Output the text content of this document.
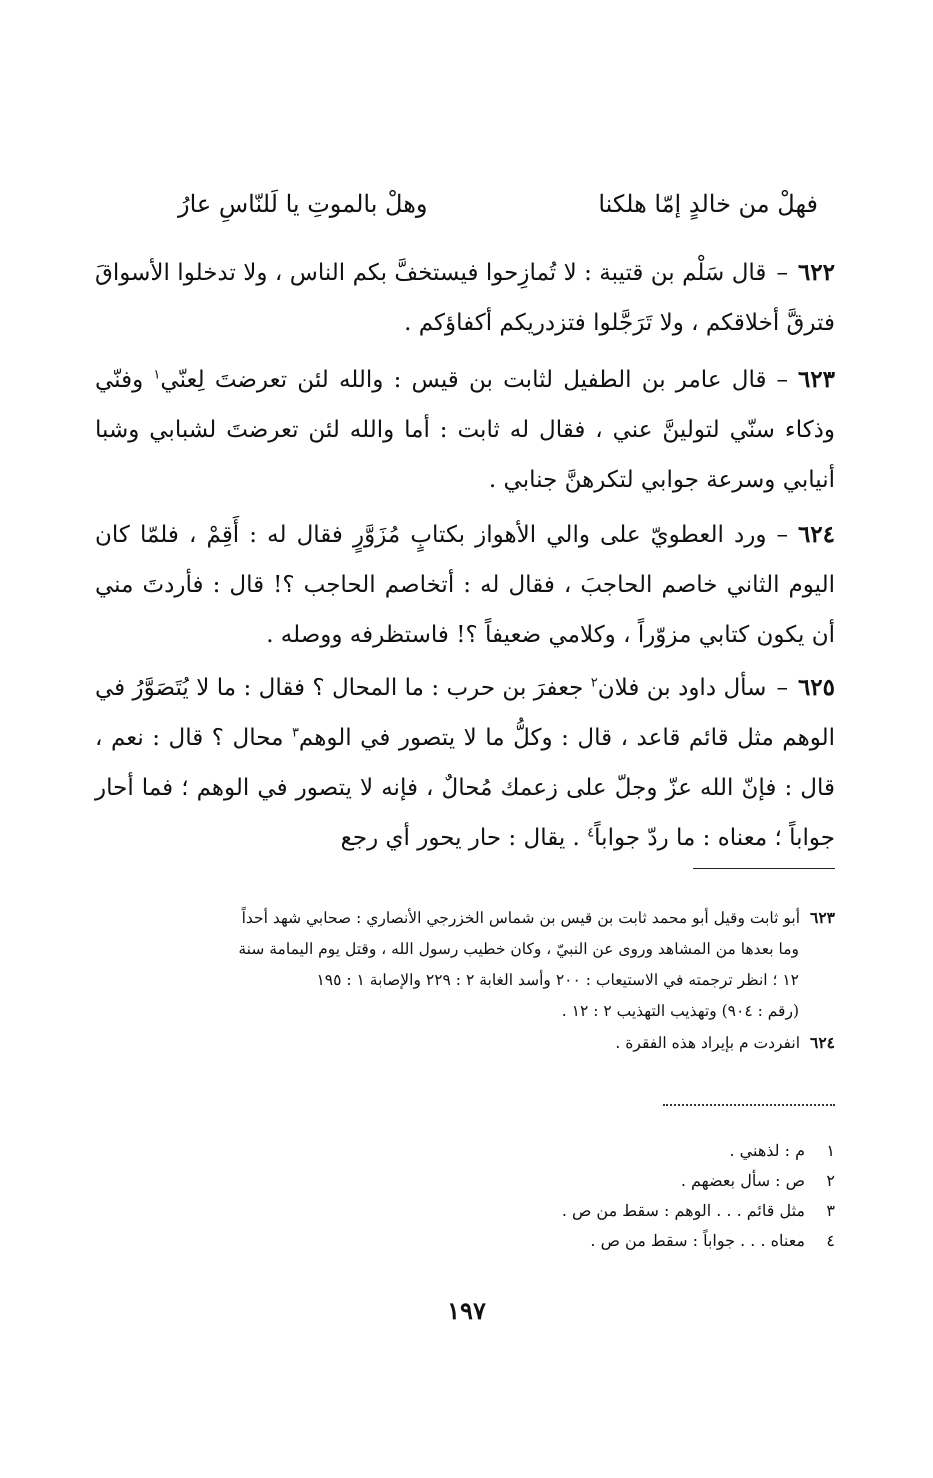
فهلْ من خالدٍ إمّا هلكنا
وهلْ بالموتِ يا لَلنّاسِ عارُ

٦٢٢–قال سَلْم بن قتيبة : لا تُمازِحوا فيستخفَّ بكم الناس ، ولا تدخلوا الأسواقَ فترقَّ أخلاقكم ، ولا تَرَجَّلوا فتزدريكم أكفاؤكم .

٦٢٣–قال عامر بن الطفيل لثابت بن قيس : والله لئن تعرضتَ لِعنّي$^١$ وفنّي وذكاء سنّي لتولينَّ عني ، فقال له ثابت : أما والله لئن تعرضتَ لشبابي وشبا أنيابي وسرعة جوابي لتكرهنَّ جنابي .

٦٢٤–ورد العطويّ على والي الأهواز بكتابٍ مُزَوَّرٍ فقال له : أَقِمْ ، فلمّا كان اليوم الثاني خاصم الحاجبَ ، فقال له : أتخاصم الحاجب ؟! قال : فأردتَ مني أن يكون كتابي مزوّراً ، وكلامي ضعيفاً ؟! فاستظرفه ووصله .

٦٢٥–سأل داود بن فلان$^٢$ جعفرَ بن حرب : ما المحال ؟ فقال : ما لا يُتَصَوَّرُ في الوهم مثل قائم قاعد ، قال : وكلُّ ما لا يتصور في الوهم$^٣$ محال ؟ قال : نعم ، قال : فإنّ الله عزّ وجلّ على زعمك مُحالٌ ، فإنه لا يتصور في الوهم ؛ فما أحار جواباً ؛ معناه : ما ردّ جواباً$^٤$ . يقال : حار يحور أي رجع

٦٢٣أبو ثابت وقيل أبو محمد ثابت بن قيس بن شماس الخزرجي الأنصاري : صحابي شهد أحداً
وما بعدها من المشاهد وروى عن النبيّ ، وكان خطيب رسول الله ، وقتل يوم اليمامة سنة
١٢ ؛ انظر ترجمته في الاستيعاب : ٢٠٠ وأسد الغابة ٢ : ٢٢٩ والإصابة ١ : ١٩٥
(رقم : ٩٠٤) وتهذيب التهذيب ٢ : ١٢ .
٦٢٤انفردت م بإيراد هذه الفقرة .
١م : لذهني .
٢ص : سأل بعضهم .
٣مثل قائم . . . الوهم : سقط من ص .
٤معناه . . . جواباً : سقط من ص .
١٩٧
